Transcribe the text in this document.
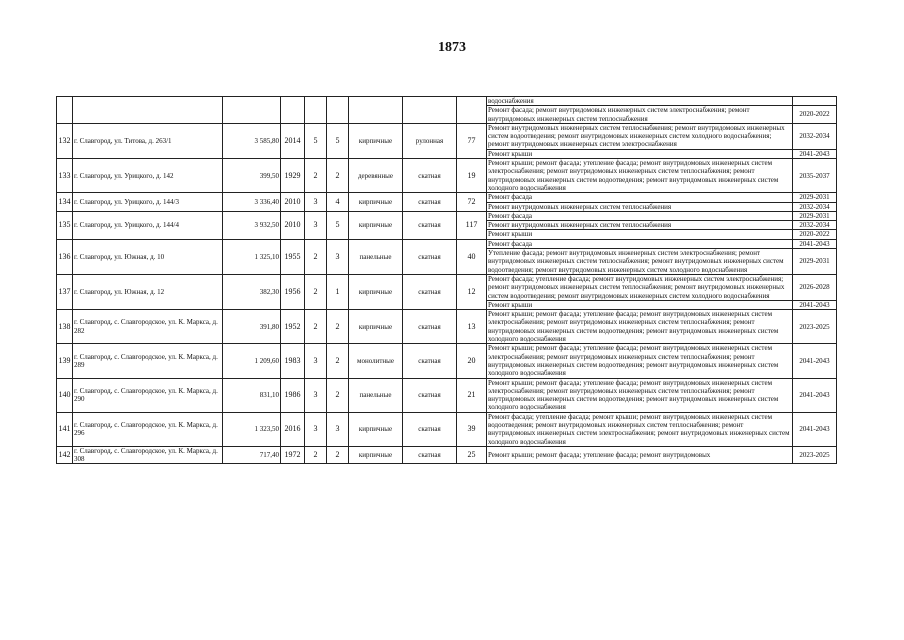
1873
									водоснабжения	
									Ремонт фасада; ремонт внутридомовых инженерных систем электроснабжения; ремонт внутридомовых инженерных систем теплоснабжения	2020-2022
132	г. Славгород, ул. Титова, д. 263/1	3 585,80	2014	5	5	кирпичные	рулонная	77	Ремонт внутридомовых инженерных систем теплоснабжения; ремонт внутридомовых инженерных систем водоотведения; ремонт внутридомовых инженерных систем холодного водоснабжения; ремонт внутридомовых инженерных систем электроснабжения	2032-2034
									Ремонт крыши	2041-2043
133	г. Славгород, ул. Урицкого, д. 142	399,50	1929	2	2	деревянные	скатная	19	Ремонт крыши; ремонт фасада; утепление фасада; ремонт внутридомовых инженерных систем электроснабжения; ремонт внутридомовых инженерных систем теплоснабжения; ремонт внутридомовых инженерных систем водоотведения; ремонт внутридомовых инженерных систем холодного водоснабжения	2035-2037
134	г. Славгород, ул. Урицкого, д. 144/3	3 336,40	2010	3	4	кирпичные	скатная	72	Ремонт фасада	2029-2031
									Ремонт внутридомовых инженерных систем теплоснабжения	2032-2034
135	г. Славгород, ул. Урицкого, д. 144/4	3 932,50	2010	3	5	кирпичные	скатная	117	Ремонт фасада	2029-2031
									Ремонт внутридомовых инженерных систем теплоснабжения	2032-2034
									Ремонт крыши	2020-2022
136	г. Славгород, ул. Южная, д. 10	1 325,10	1955	2	3	панельные	скатная	40	Ремонт фасада	2041-2043
									Утепление фасада; ремонт внутридомовых инженерных систем электроснабжения; ремонт внутридомовых инженерных систем теплоснабжения; ремонт внутридомовых инженерных систем водоотведения; ремонт внутридомовых инженерных систем холодного водоснабжения	2029-2031
137	г. Славгород, ул. Южная, д. 12	382,30	1956	2	1	кирпичные	скатная	12	Ремонт фасада; утепление фасада; ремонт внутридомовых инженерных систем электроснабжения; ремонт внутридомовых инженерных систем теплоснабжения; ремонт внутридомовых инженерных систем водоотведения; ремонт внутридомовых инженерных систем холодного водоснабжения	2026-2028
									Ремонт крыши	2041-2043
138	г. Славгород, с. Славгородское, ул. К. Маркса, д. 282	391,80	1952	2	2	кирпичные	скатная	13	Ремонт крыши; ремонт фасада; утепление фасада; ремонт внутридомовых инженерных систем электроснабжения; ремонт внутридомовых инженерных систем теплоснабжения; ремонт внутридомовых инженерных систем водоотведения; ремонт внутридомовых инженерных систем холодного водоснабжения	2023-2025
139	г. Славгород, с. Славгородское, ул. К. Маркса, д. 289	1 209,60	1983	3	2	монолитные	скатная	20	Ремонт крыши; ремонт фасада; утепление фасада; ремонт внутридомовых инженерных систем электроснабжения; ремонт внутридомовых инженерных систем теплоснабжения; ремонт внутридомовых инженерных систем водоотведения; ремонт внутридомовых инженерных систем холодного водоснабжения	2041-2043
140	г. Славгород, с. Славгородское, ул. К. Маркса, д. 290	831,10	1986	3	2	панельные	скатная	21	Ремонт крыши; ремонт фасада; утепление фасада; ремонт внутридомовых инженерных систем электроснабжения; ремонт внутридомовых инженерных систем теплоснабжения; ремонт внутридомовых инженерных систем водоотведения; ремонт внутридомовых инженерных систем холодного водоснабжения	2041-2043
141	г. Славгород, с. Славгородское, ул. К. Маркса, д. 296	1 323,50	2016	3	3	кирпичные	скатная	39	Ремонт фасада; утепление фасада; ремонт крыши; ремонт внутридомовых инженерных систем водоотведения; ремонт внутридомовых инженерных систем теплоснабжения; ремонт внутридомовых инженерных систем электроснабжения; ремонт внутридомовых инженерных систем холодного водоснабжения	2041-2043
142	г. Славгород, с. Славгородское, ул. К. Маркса, д. 308	717,40	1972	2	2	кирпичные	скатная	25	Ремонт крыши; ремонт фасада; утепление фасада; ремонт внутридомовых	2023-2025
